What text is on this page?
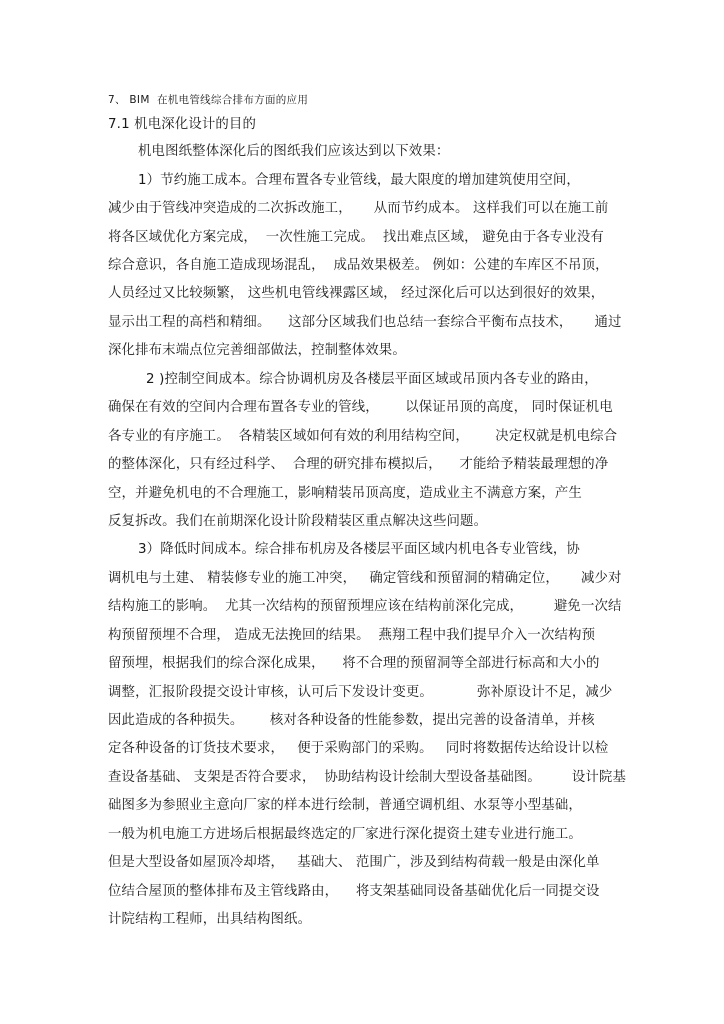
7、 BIM  在机电管线综合排布方面的应用
7.1 机电深化设计的目的
机电图纸整体深化后的图纸我们应该达到以下效果：
1）节约施工成本。合理布置各专业管线，最大限度的增加建筑使用空间，
减少由于管线冲突造成的二次拆改施工，     从而节约成本。 这样我们可以在施工前
将各区域优化方案完成，  一次性施工完成。  找出难点区域， 避免由于各专业没有
综合意识，各自施工造成现场混乱，  成品效果极差。 例如：公建的车库区不吊顶，
人员经过又比较频繁， 这些机电管线裸露区域， 经过深化后可以达到很好的效果，
显示出工程的高档和精细。    这部分区域我们也总结一套综合平衡布点技术，     通过
深化排布末端点位完善细部做法，控制整体效果。
2 )控制空间成本。综合协调机房及各楼层平面区域或吊顶内各专业的路由，
确保在有效的空间内合理布置各专业的管线，      以保证吊顶的高度， 同时保证机电
各专业的有序施工。  各精装区域如何有效的利用结构空间，      决定权就是机电综合
的整体深化，只有经过科学、  合理的研究排布模拟后，    才能给予精装最理想的净
空，并避免机电的不合理施工，影响精装吊顶高度，造成业主不满意方案，产生
反复拆改。我们在前期深化设计阶段精装区重点解决这些问题。
3）降低时间成本。综合排布机房及各楼层平面区域内机电各专业管线，协
调机电与土建、 精装修专业的施工冲突，   确定管线和预留洞的精确定位，     减少对
结构施工的影响。  尤其一次结构的预留预埋应该在结构前深化完成，       避免一次结
构预留预埋不合理， 造成无法挽回的结果。  燕翔工程中我们提早介入一次结构预
留预埋，根据我们的综合深化成果，    将不合理的预留洞等全部进行标高和大小的
调整，汇报阶段提交设计审核，认可后下发设计变更。          弥补原设计不足，减少
因此造成的各种损失。      核对各种设备的性能参数，提出完善的设备清单，并核
定各种设备的订货技术要求，   便于采购部门的采购。   同时将数据传达给设计以检
查设备基础、 支架是否符合要求，  协助结构设计绘制大型设备基础图。       设计院基
础图多为参照业主意向厂家的样本进行绘制，普通空调机组、水泵等小型基础，
一般为机电施工方进场后根据最终选定的厂家进行深化提资土建专业进行施工。
但是大型设备如屋顶冷却塔，   基础大、 范围广，涉及到结构荷载一般是由深化单
位结合屋顶的整体排布及主管线路由，    将支架基础同设备基础优化后一同提交设
计院结构工程师，出具结构图纸。
